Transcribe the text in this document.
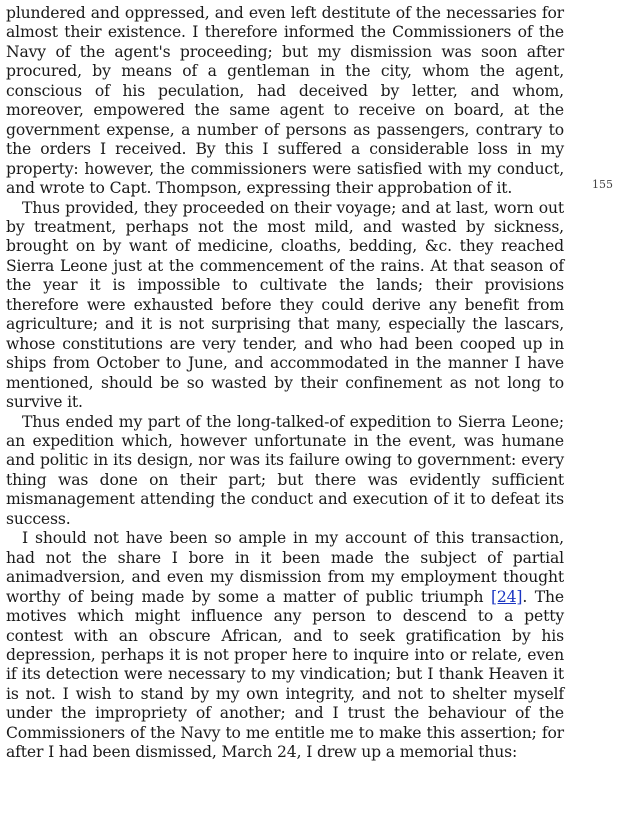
plundered and oppressed, and even left destitute of the necessaries for almost their existence. I therefore informed the Commissioners of the Navy of the agent's proceeding; but my dismission was soon after procured, by means of a gentleman in the city, whom the agent, conscious of his peculation, had deceived by letter, and whom, moreover, empowered the same agent to receive on board, at the government expense, a number of persons as passengers, contrary to the orders I received. By this I suffered a considerable loss in my property: however, the commissioners were satisfied with my conduct, and wrote to Capt. Thompson, expressing their approbation of it.

Thus provided, they proceeded on their voyage; and at last, worn out by treatment, perhaps not the most mild, and wasted by sickness, brought on by want of medicine, cloaths, bedding, &c. they reached Sierra Leone just at the commencement of the rains. At that season of the year it is impossible to cultivate the lands; their provisions therefore were exhausted before they could derive any benefit from agriculture; and it is not surprising that many, especially the lascars, whose constitutions are very tender, and who had been cooped up in ships from October to June, and accommodated in the manner I have mentioned, should be so wasted by their confinement as not long to survive it.

Thus ended my part of the long-talked-of expedition to Sierra Leone; an expedition which, however unfortunate in the event, was humane and politic in its design, nor was its failure owing to government: every thing was done on their part; but there was evidently sufficient mismanagement attending the conduct and execution of it to defeat its success.

I should not have been so ample in my account of this transaction, had not the share I bore in it been made the subject of partial animadversion, and even my dismission from my employment thought worthy of being made by some a matter of public triumph [24]. The motives which might influence any person to descend to a petty contest with an obscure African, and to seek gratification by his depression, perhaps it is not proper here to inquire into or relate, even if its detection were necessary to my vindication; but I thank Heaven it is not. I wish to stand by my own integrity, and not to shelter myself under the impropriety of another; and I trust the behaviour of the Commissioners of the Navy to me entitle me to make this assertion; for after I had been dismissed, March 24, I drew up a memorial thus:

155
